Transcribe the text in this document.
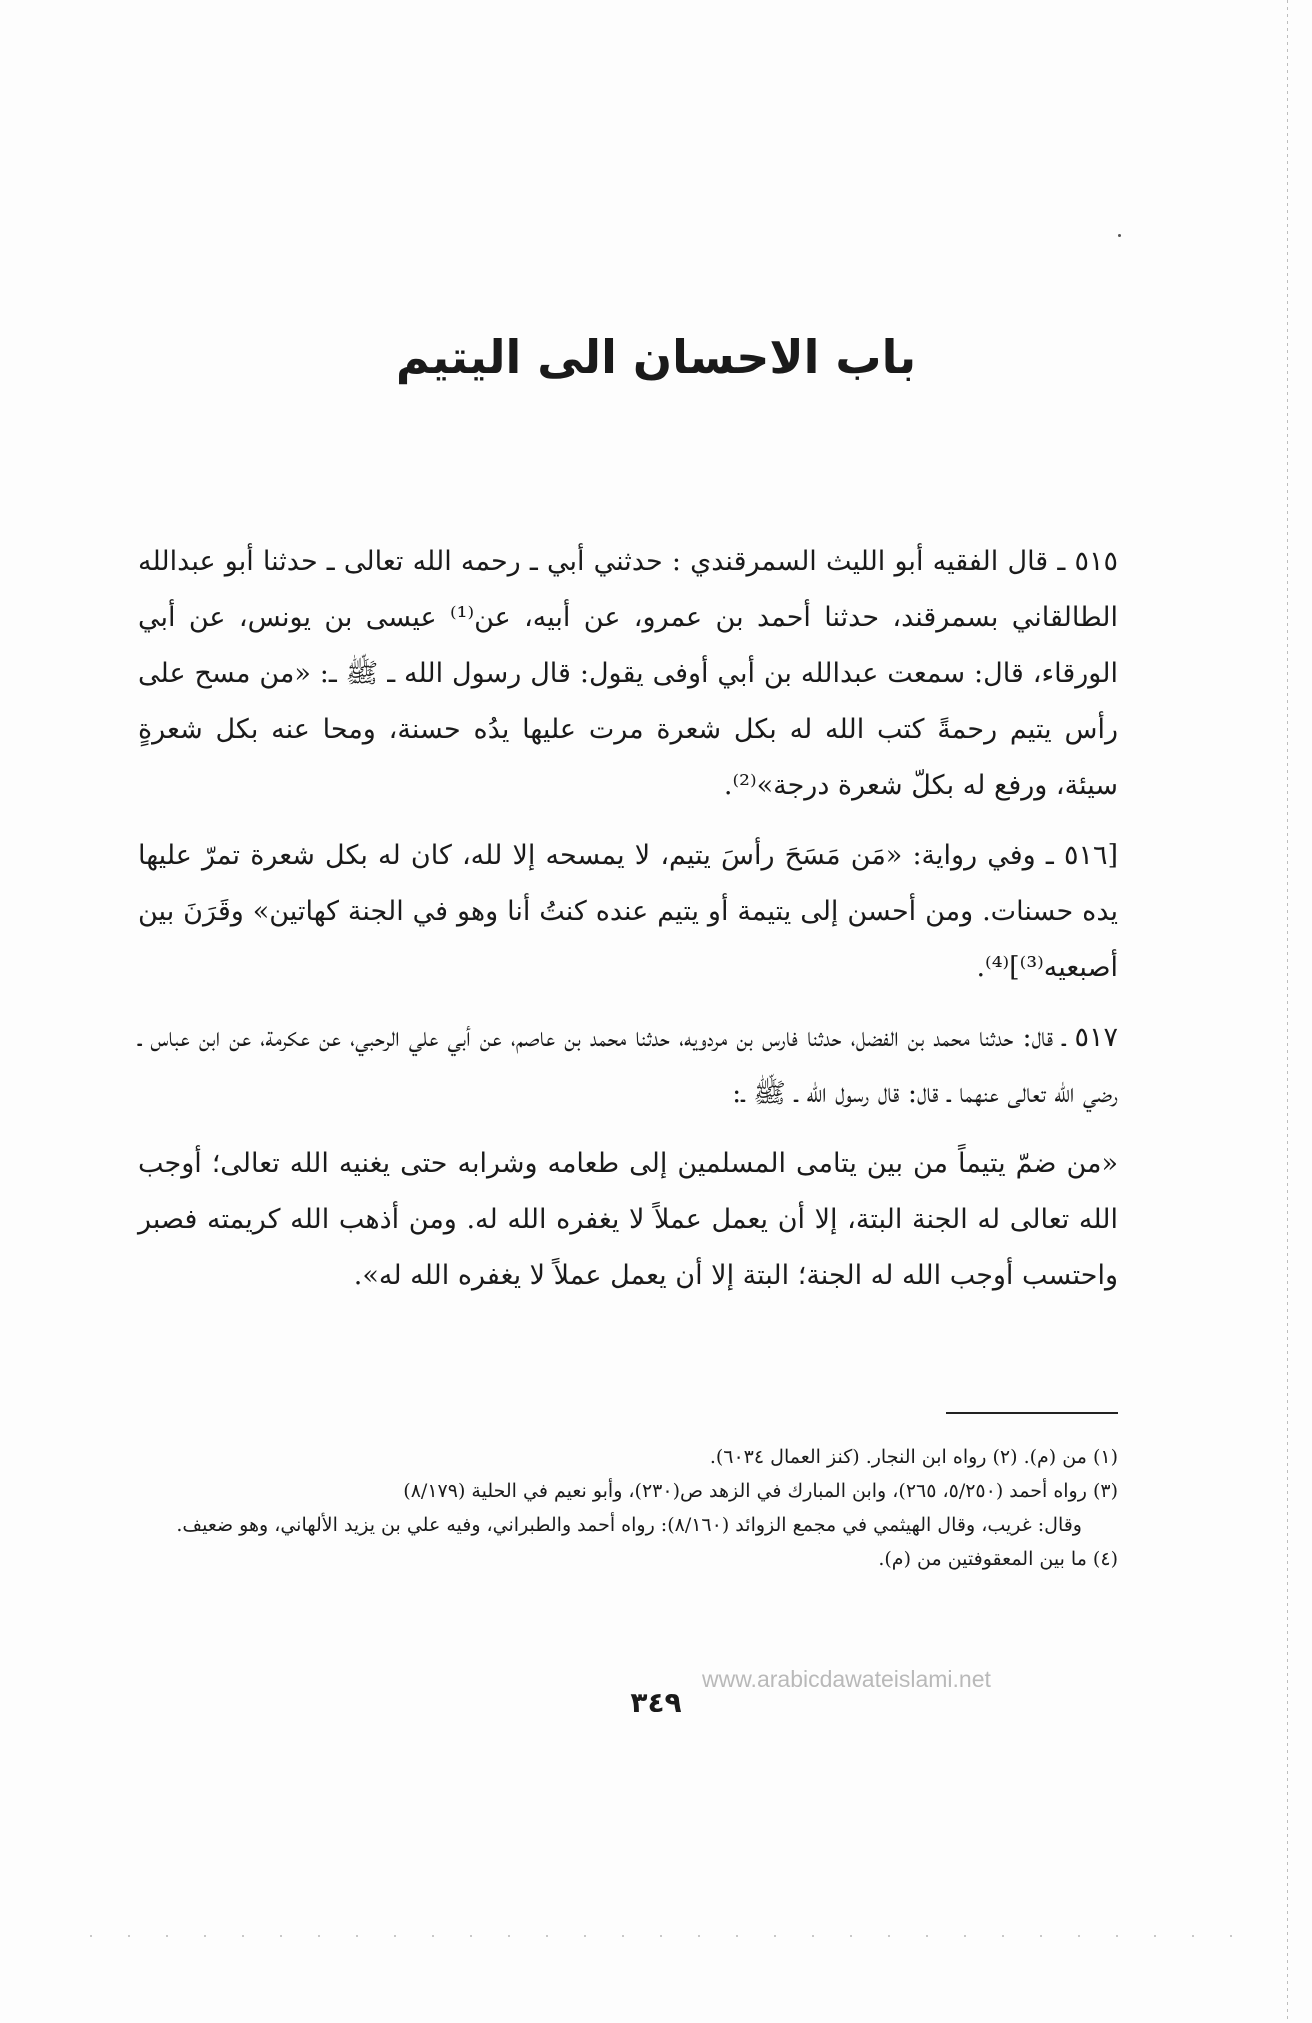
باب الاحسان الى اليتيم

٥١٥ ـ قال الفقيه أبو الليث السمرقندي : حدثني أبي ـ رحمه الله تعالى ـ حدثنا أبو عبدالله الطالقاني بسمرقند، حدثنا أحمد بن عمرو، عن أبيه، عن⁽¹⁾ عيسى بن يونس، عن أبي الورقاء، قال: سمعت عبدالله بن أبي أوفى يقول: قال رسول الله ـ ﷺ ـ: «من مسح على رأس يتيم رحمةً كتب الله له بكل شعرة مرت عليها يدُه حسنة، ومحا عنه بكل شعرةٍ سيئة، ورفع له بكلّ شعرة درجة»⁽²⁾.

[٥١٦ ـ وفي رواية: «مَن مَسَحَ رأسَ يتيم، لا يمسحه إلا لله، كان له بكل شعرة تمرّ عليها يده حسنات. ومن أحسن إلى يتيمة أو يتيم عنده كنتُ أنا وهو في الجنة كهاتين» وقَرَنَ بين أصبعيه⁽³⁾]⁽⁴⁾.

٥١٧ ـ قال: حدثنا محمد بن الفضل، حدثنا فارس بن مردويه، حدثنا محمد بن عاصم، عن أبي علي الرحبي، عن عكرمة، عن ابن عباس ـ رضي الله تعالى عنهما ـ قال: قال رسول الله ـ ﷺ ـ:

«من ضمّ يتيماً من بين يتامى المسلمين إلى طعامه وشرابه حتى يغنيه الله تعالى؛ أوجب الله تعالى له الجنة البتة، إلا أن يعمل عملاً لا يغفره الله له. ومن أذهب الله كريمته فصبر واحتسب أوجب الله له الجنة؛ البتة إلا أن يعمل عملاً لا يغفره الله له».

(١) من (م). (٢) رواه ابن النجار. (كنز العمال ٦٠٣٤).
(٣) رواه أحمد (٥/٢٥٠، ٢٦٥)، وابن المبارك في الزهد ص(٢٣٠)، وأبو نعيم في الحلية (٨/١٧٩)
وقال: غريب، وقال الهيثمي في مجمع الزوائد (٨/١٦٠): رواه أحمد والطبراني، وفيه علي بن يزيد الألهاني، وهو ضعيف.
(٤) ما بين المعقوفتين من (م).
www.arabicdawateislami.net
٣٤٩
